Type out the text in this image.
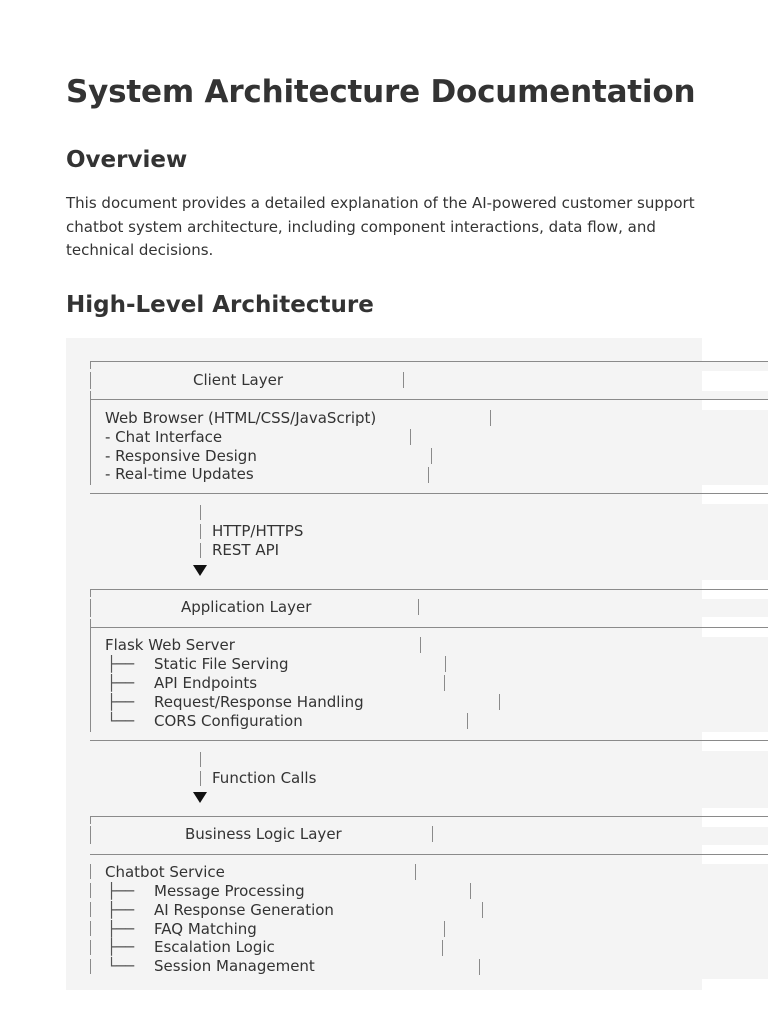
System Architecture Documentation
Overview

This document provides a detailed explanation of the AI-powered customer support chatbot system architecture, including component interactions, data flow, and technical decisions.

High-Level Architecture
Client Layer
Web Browser (HTML/CSS/JavaScript)
- Chat Interface
- Responsive Design
- Real-time Updates
HTTP/HTTPS
REST API
Application Layer
Flask Web Server
├── Static File Serving
├── API Endpoints
├── Request/Response Handling
└── CORS Configuration
Function Calls
Business Logic Layer
Chatbot Service
├── Message Processing
├── AI Response Generation
├── FAQ Matching
├── Escalation Logic
└── Session Management
